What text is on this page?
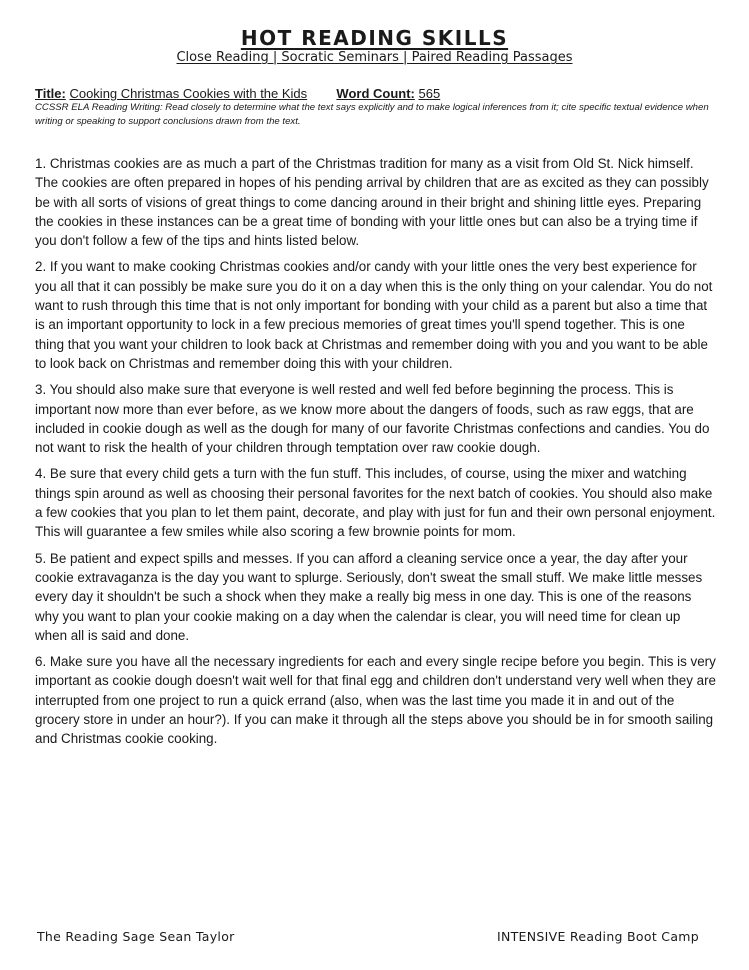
HOT READING SKILLS
Close Reading | Socratic Seminars | Paired Reading Passages
Title: Cooking Christmas Cookies with the Kids Word Count: 565
CCSSR ELA Reading Writing: Read closely to determine what the text says explicitly and to make logical inferences from it; cite specific textual evidence when writing or speaking to support conclusions drawn from the text.

1. Christmas cookies are as much a part of the Christmas tradition for many as a visit from Old St. Nick himself. The cookies are often prepared in hopes of his pending arrival by children that are as excited as they can possibly be with all sorts of visions of great things to come dancing around in their bright and shining little eyes. Preparing the cookies in these instances can be a great time of bonding with your little ones but can also be a trying time if you don't follow a few of the tips and hints listed below.

2. If you want to make cooking Christmas cookies and/or candy with your little ones the very best experience for you all that it can possibly be make sure you do it on a day when this is the only thing on your calendar. You do not want to rush through this time that is not only important for bonding with your child as a parent but also a time that is an important opportunity to lock in a few precious memories of great times you'll spend together. This is one thing that you want your children to look back at Christmas and remember doing with you and you want to be able to look back on Christmas and remember doing this with your children.

3. You should also make sure that everyone is well rested and well fed before beginning the process. This is important now more than ever before, as we know more about the dangers of foods, such as raw eggs, that are included in cookie dough as well as the dough for many of our favorite Christmas confections and candies. You do not want to risk the health of your children through temptation over raw cookie dough.

4. Be sure that every child gets a turn with the fun stuff. This includes, of course, using the mixer and watching things spin around as well as choosing their personal favorites for the next batch of cookies. You should also make a few cookies that you plan to let them paint, decorate, and play with just for fun and their own personal enjoyment. This will guarantee a few smiles while also scoring a few brownie points for mom.

5. Be patient and expect spills and messes. If you can afford a cleaning service once a year, the day after your cookie extravaganza is the day you want to splurge. Seriously, don't sweat the small stuff. We make little messes every day it shouldn't be such a shock when they make a really big mess in one day. This is one of the reasons why you want to plan your cookie making on a day when the calendar is clear, you will need time for clean up when all is said and done.

6. Make sure you have all the necessary ingredients for each and every single recipe before you begin. This is very important as cookie dough doesn't wait well for that final egg and children don't understand very well when they are interrupted from one project to run a quick errand (also, when was the last time you made it in and out of the grocery store in under an hour?). If you can make it through all the steps above you should be in for smooth sailing and Christmas cookie cooking.

The Reading Sage Sean Taylor	INTENSIVE Reading Boot Camp
